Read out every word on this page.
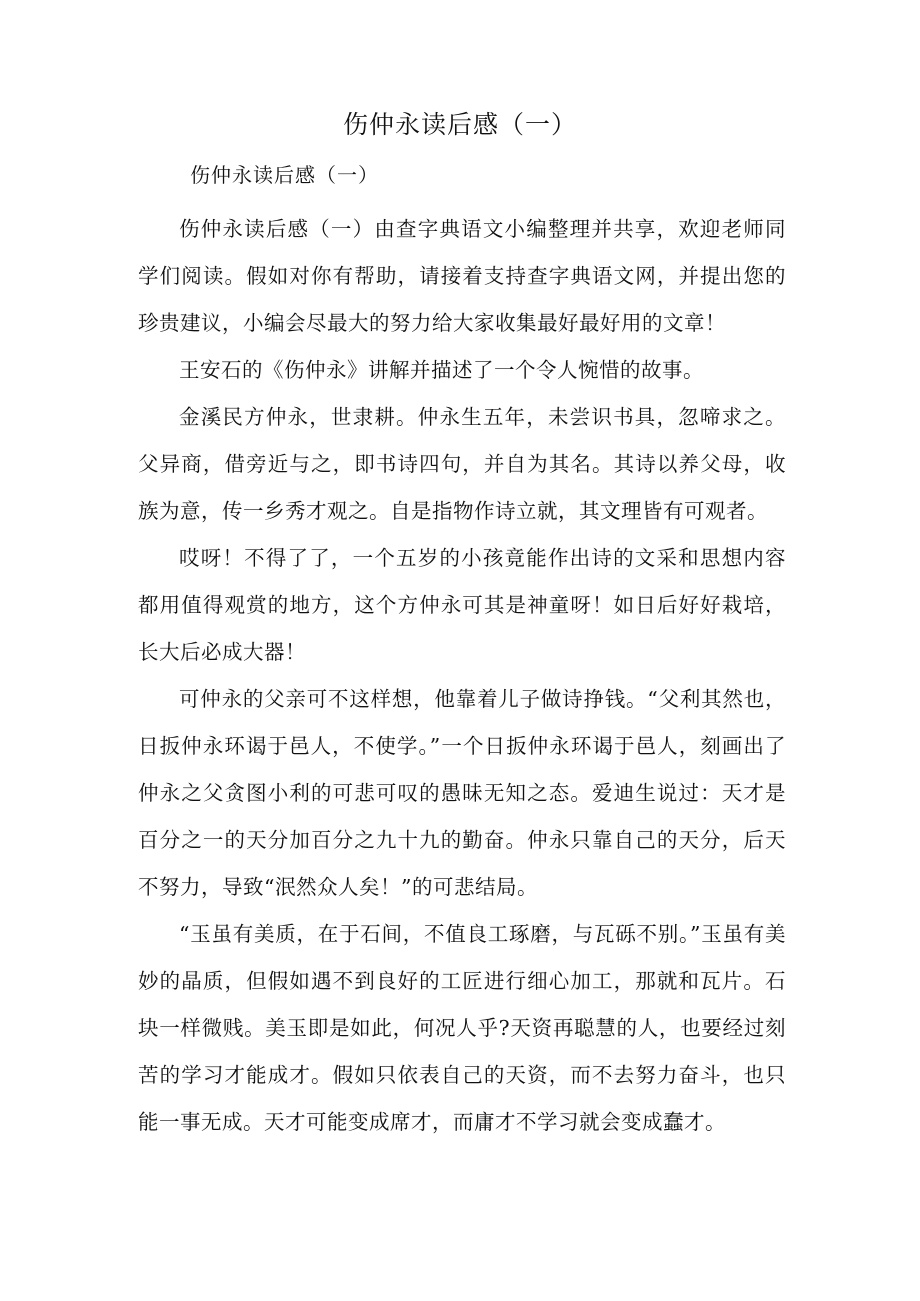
伤仲永读后感（一）

伤仲永读后感（一）

伤仲永读后感（一）由查字典语文小编整理并共享，欢迎老师同学们阅读。假如对你有帮助，请接着支持查字典语文网，并提出您的珍贵建议，小编会尽最大的努力给大家收集最好最好用的文章！

王安石的《伤仲永》讲解并描述了一个令人惋惜的故事。

金溪民方仲永，世隶耕。仲永生五年，未尝识书具，忽啼求之。父异商，借旁近与之，即书诗四句，并自为其名。其诗以养父母，收族为意，传一乡秀才观之。自是指物作诗立就，其文理皆有可观者。

哎呀！不得了了，一个五岁的小孩竟能作出诗的文采和思想内容都用值得观赏的地方，这个方仲永可其是神童呀！如日后好好栽培，长大后必成大器！

可仲永的父亲可不这样想，他靠着儿子做诗挣钱。“父利其然也，日扳仲永环谒于邑人，不使学。”一个日扳仲永环谒于邑人，刻画出了仲永之父贪图小利的可悲可叹的愚昧无知之态。爱迪生说过：天才是百分之一的天分加百分之九十九的勤奋。仲永只靠自己的天分，后天不努力，导致“泯然众人矣！”的可悲结局。

“玉虽有美质，在于石间，不值良工琢磨，与瓦砾不别。”玉虽有美妙的晶质，但假如遇不到良好的工匠进行细心加工，那就和瓦片。石块一样微贱。美玉即是如此，何况人乎?天资再聪慧的人，也要经过刻苦的学习才能成才。假如只依表自己的天资，而不去努力奋斗，也只能一事无成。天才可能变成席才，而庸才不学习就会变成蠢才。
